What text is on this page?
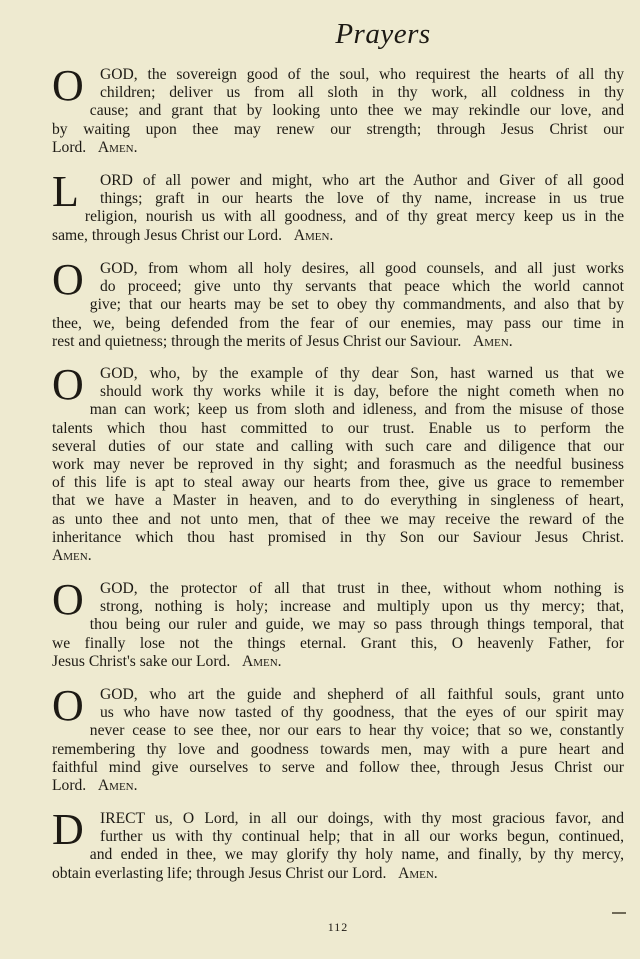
Prayers
O	GOD, the sovereign good of the soul, who requirest the hearts of all thy
children; deliver us from all sloth in thy work, all coldness in thy
cause; and grant that by looking unto thee we may rekindle our love, and
by waiting upon thee may renew our strength; through Jesus Christ our
Lord. Amen.
L	ORD of all power and might, who art the Author and Giver of all good
things; graft in our hearts the love of thy name, increase in us true
religion, nourish us with all goodness, and of thy great mercy keep us in the
same, through Jesus Christ our Lord. Amen.
O	GOD, from whom all holy desires, all good counsels, and all just works
do proceed; give unto thy servants that peace which the world cannot
give; that our hearts may be set to obey thy commandments, and also that by
thee, we, being defended from the fear of our enemies, may pass our time in
rest and quietness; through the merits of Jesus Christ our Saviour. Amen.
O	GOD, who, by the example of thy dear Son, hast warned us that we
should work thy works while it is day, before the night cometh when no
man can work; keep us from sloth and idleness, and from the misuse of those
talents which thou hast committed to our trust. Enable us to perform the
several duties of our state and calling with such care and diligence that our
work may never be reproved in thy sight; and forasmuch as the needful business
of this life is apt to steal away our hearts from thee, give us grace to remember
that we have a Master in heaven, and to do everything in singleness of heart,
as unto thee and not unto men, that of thee we may receive the reward of the
inheritance which thou hast promised in thy Son our Saviour Jesus Christ.
Amen.
O	GOD, the protector of all that trust in thee, without whom nothing is
strong, nothing is holy; increase and multiply upon us thy mercy; that,
thou being our ruler and guide, we may so pass through things temporal, that
we finally lose not the things eternal. Grant this, O heavenly Father, for
Jesus Christ's sake our Lord. Amen.
O	GOD, who art the guide and shepherd of all faithful souls, grant unto
us who have now tasted of thy goodness, that the eyes of our spirit may
never cease to see thee, nor our ears to hear thy voice; that so we, constantly
remembering thy love and goodness towards men, may with a pure heart and
faithful mind give ourselves to serve and follow thee, through Jesus Christ our
Lord. Amen.
D	IRECT us, O Lord, in all our doings, with thy most gracious favor, and
further us with thy continual help; that in all our works begun, continued,
and ended in thee, we may glorify thy holy name, and finally, by thy mercy,
obtain everlasting life; through Jesus Christ our Lord. Amen.
112
